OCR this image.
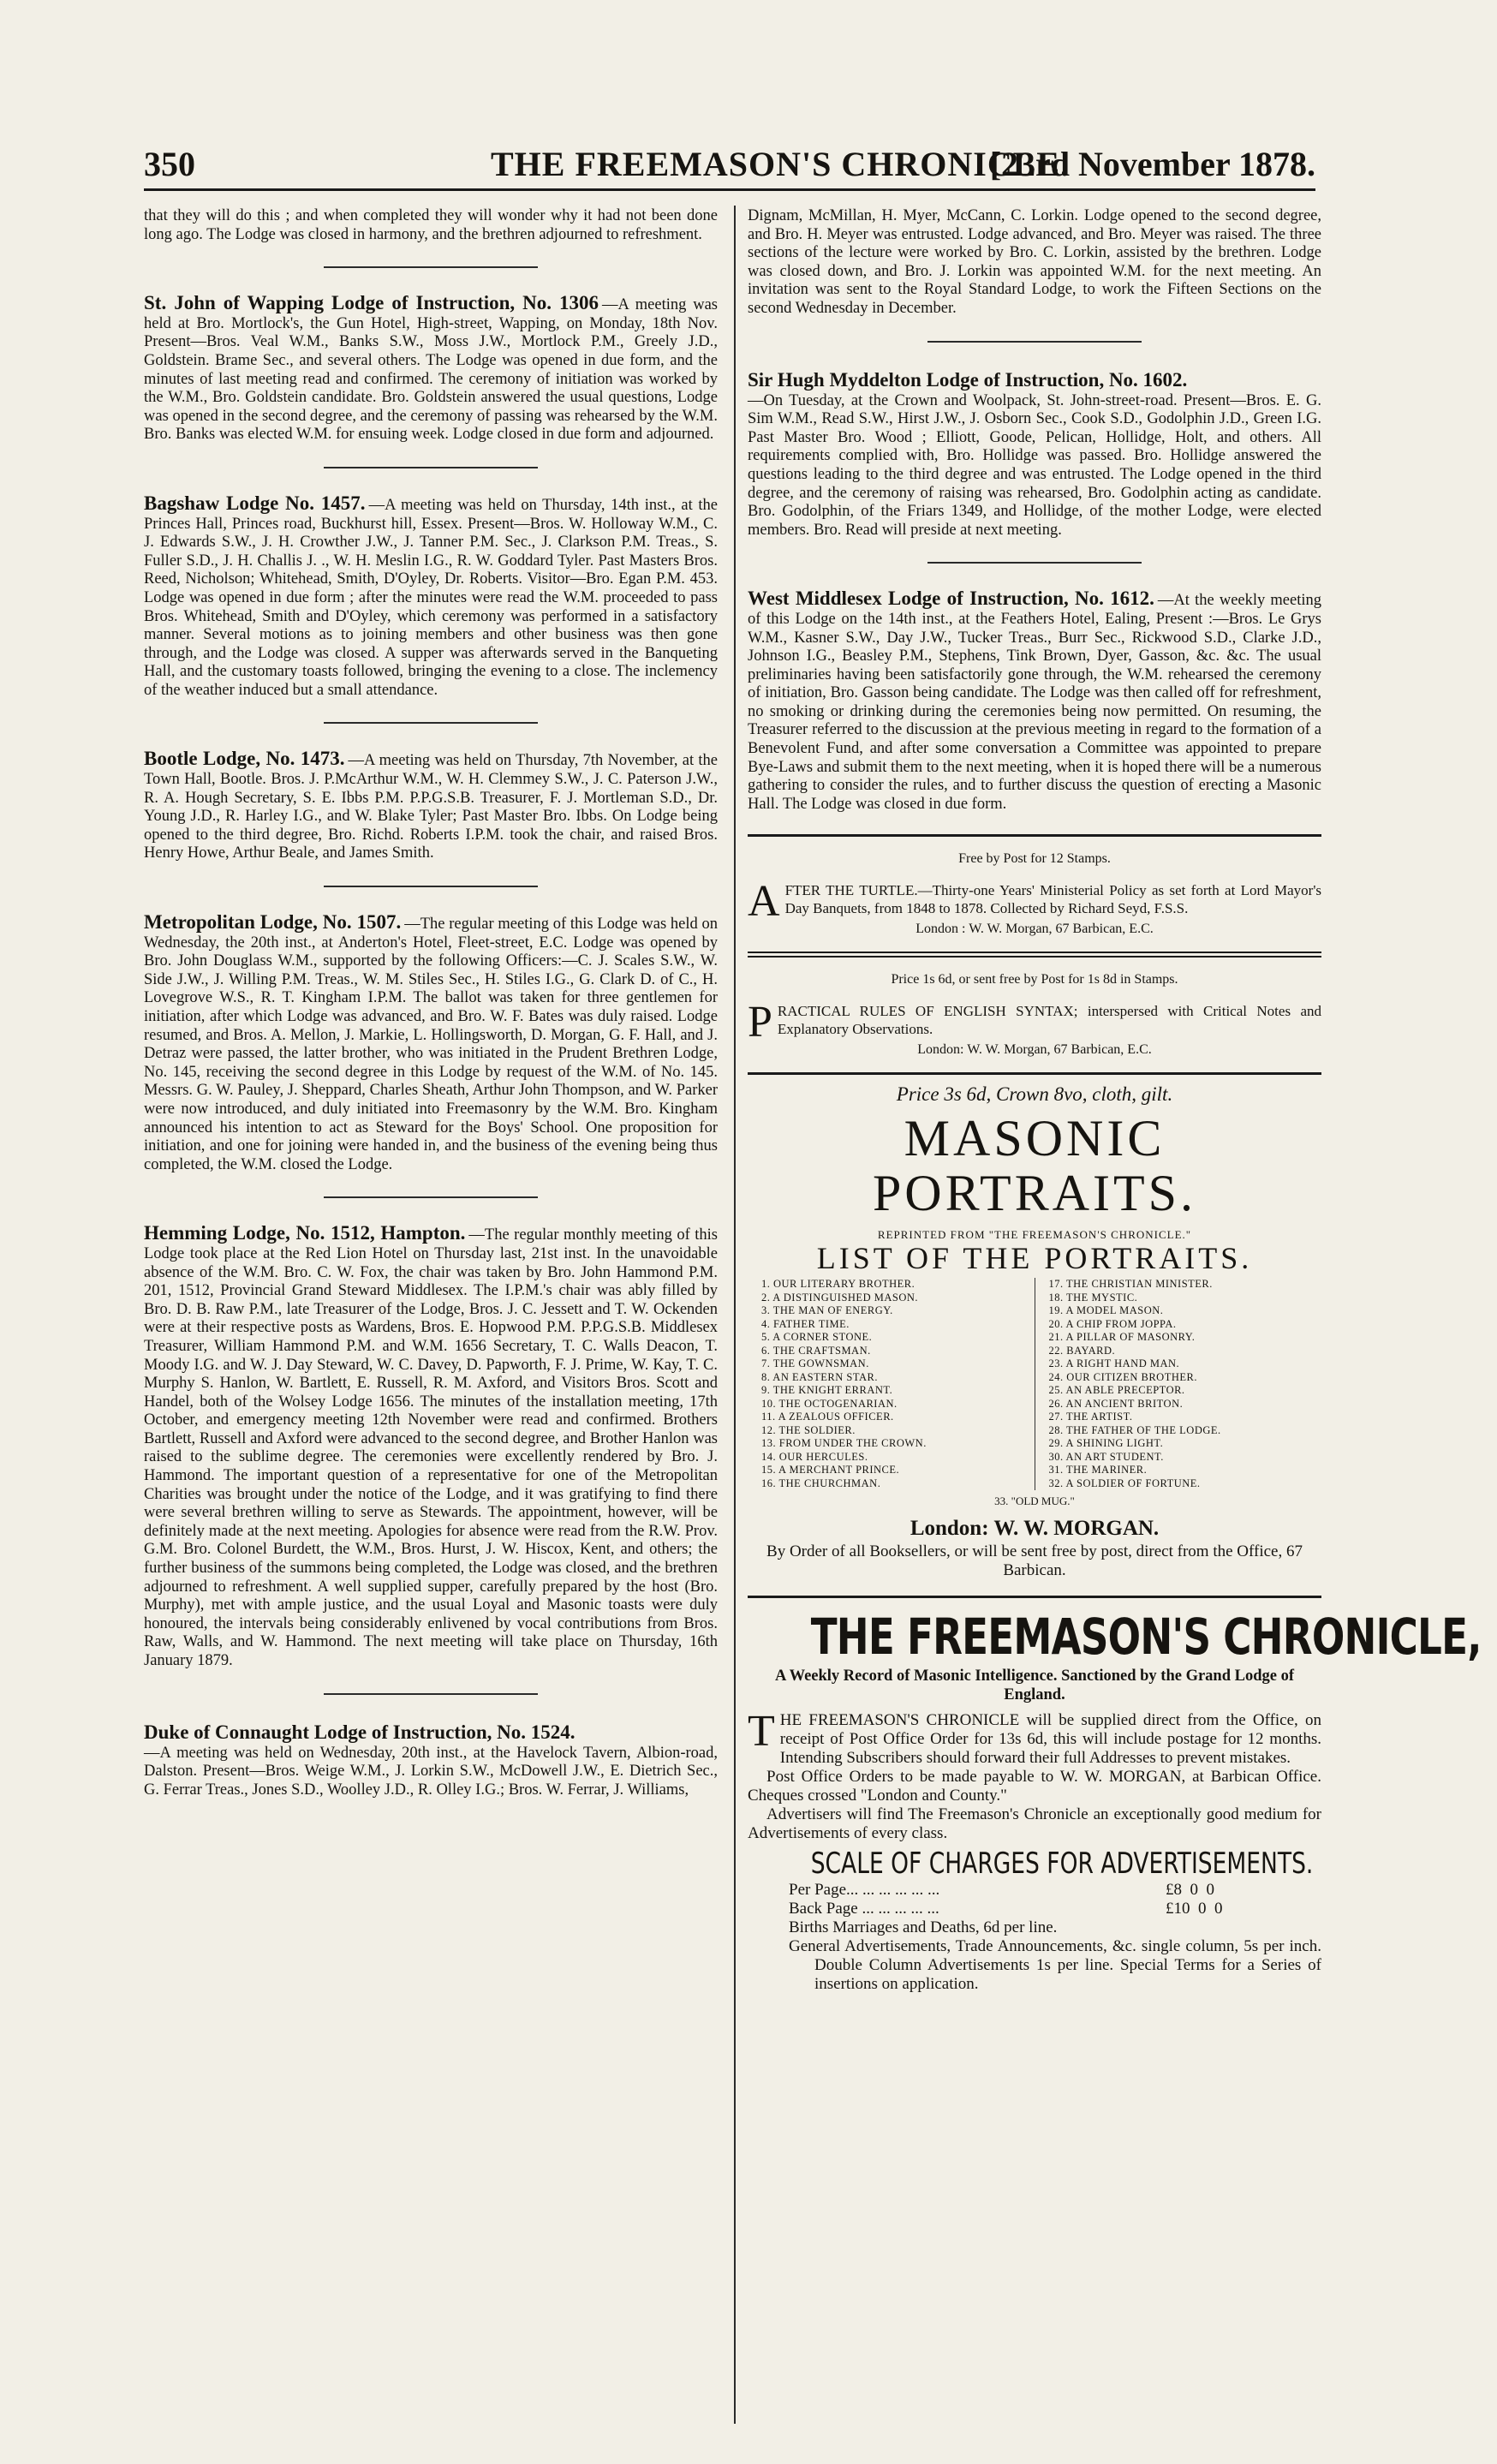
350	THE FREEMASON'S CHRONICLE.
[23rd November 1878.

that they will do this ; and when completed they will wonder why it had not been done long ago. The Lodge was closed in harmony, and the brethren adjourned to refreshment.

St. John of Wapping Lodge of Instruction, No. 1306 —A meeting was held at Bro. Mortlock's, the Gun Hotel, High-street, Wapping, on Monday, 18th Nov. Present—Bros. Veal W.M., Banks S.W., Moss J.W., Mortlock P.M., Greely J.D., Goldstein. Brame Sec., and several others. The Lodge was opened in due form, and the minutes of last meeting read and confirmed. The ceremony of initiation was worked by the W.M., Bro. Goldstein candidate. Bro. Goldstein answered the usual questions, Lodge was opened in the second degree, and the ceremony of passing was rehearsed by the W.M. Bro. Banks was elected W.M. for ensuing week. Lodge closed in due form and adjourned.

Bagshaw Lodge No. 1457. —A meeting was held on Thursday, 14th inst., at the Princes Hall, Princes road, Buckhurst hill, Essex. Present—Bros. W. Holloway W.M., C. J. Edwards S.W., J. H. Crowther J.W., J. Tanner P.M. Sec., J. Clarkson P.M. Treas., S. Fuller S.D., J. H. Challis J. ., W. H. Meslin I.G., R. W. Goddard Tyler. Past Masters Bros. Reed, Nicholson; Whitehead, Smith, D'Oyley, Dr. Roberts. Visitor—Bro. Egan P.M. 453. Lodge was opened in due form ; after the minutes were read the W.M. proceeded to pass Bros. Whitehead, Smith and D'Oyley, which ceremony was performed in a satisfactory manner. Several motions as to joining members and other business was then gone through, and the Lodge was closed. A supper was afterwards served in the Banqueting Hall, and the customary toasts followed, bringing the evening to a close. The inclemency of the weather induced but a small attendance.

Bootle Lodge, No. 1473. —A meeting was held on Thursday, 7th November, at the Town Hall, Bootle. Bros. J. P.McArthur W.M., W. H. Clemmey S.W., J. C. Paterson J.W., R. A. Hough Secretary, S. E. Ibbs P.M. P.P.G.S.B. Treasurer, F. J. Mortleman S.D., Dr. Young J.D., R. Harley I.G., and W. Blake Tyler; Past Master Bro. Ibbs. On Lodge being opened to the third degree, Bro. Richd. Roberts I.P.M. took the chair, and raised Bros. Henry Howe, Arthur Beale, and James Smith.

Metropolitan Lodge, No. 1507. —The regular meeting of this Lodge was held on Wednesday, the 20th inst., at Anderton's Hotel, Fleet-street, E.C. Lodge was opened by Bro. John Douglass W.M., supported by the following Officers:—C. J. Scales S.W., W. Side J.W., J. Willing P.M. Treas., W. M. Stiles Sec., H. Stiles I.G., G. Clark D. of C., H. Lovegrove W.S., R. T. Kingham I.P.M. The ballot was taken for three gentlemen for initiation, after which Lodge was advanced, and Bro. W. F. Bates was duly raised. Lodge resumed, and Bros. A. Mellon, J. Markie, L. Hollingsworth, D. Morgan, G. F. Hall, and J. Detraz were passed, the latter brother, who was initiated in the Prudent Brethren Lodge, No. 145, receiving the second degree in this Lodge by request of the W.M. of No. 145. Messrs. G. W. Pauley, J. Sheppard, Charles Sheath, Arthur John Thompson, and W. Parker were now introduced, and duly initiated into Freemasonry by the W.M. Bro. Kingham announced his intention to act as Steward for the Boys' School. One proposition for initiation, and one for joining were handed in, and the business of the evening being thus completed, the W.M. closed the Lodge.

Hemming Lodge, No. 1512, Hampton. —The regular monthly meeting of this Lodge took place at the Red Lion Hotel on Thursday last, 21st inst. In the unavoidable absence of the W.M. Bro. C. W. Fox, the chair was taken by Bro. John Hammond P.M. 201, 1512, Provincial Grand Steward Middlesex. The I.P.M.'s chair was ably filled by Bro. D. B. Raw P.M., late Treasurer of the Lodge, Bros. J. C. Jessett and T. W. Ockenden were at their respective posts as Wardens, Bros. E. Hopwood P.M. P.P.G.S.B. Middlesex Treasurer, William Hammond P.M. and W.M. 1656 Secretary, T. C. Walls Deacon, T. Moody I.G. and W. J. Day Steward, W. C. Davey, D. Papworth, F. J. Prime, W. Kay, T. C. Murphy S. Hanlon, W. Bartlett, E. Russell, R. M. Axford, and Visitors Bros. Scott and Handel, both of the Wolsey Lodge 1656. The minutes of the installation meeting, 17th October, and emergency meeting 12th November were read and confirmed. Brothers Bartlett, Russell and Axford were advanced to the second degree, and Brother Hanlon was raised to the sublime degree. The ceremonies were excellently rendered by Bro. J. Hammond. The important question of a representative for one of the Metropolitan Charities was brought under the notice of the Lodge, and it was gratifying to find there were several brethren willing to serve as Stewards. The appointment, however, will be definitely made at the next meeting. Apologies for absence were read from the R.W. Prov. G.M. Bro. Colonel Burdett, the W.M., Bros. Hurst, J. W. Hiscox, Kent, and others; the further business of the summons being completed, the Lodge was closed, and the brethren adjourned to refreshment. A well supplied supper, carefully prepared by the host (Bro. Murphy), met with ample justice, and the usual Loyal and Masonic toasts were duly honoured, the intervals being considerably enlivened by vocal contributions from Bros. Raw, Walls, and W. Hammond. The next meeting will take place on Thursday, 16th January 1879.

Duke of Connaught Lodge of Instruction, No. 1524.
—A meeting was held on Wednesday, 20th inst., at the Havelock Tavern, Albion-road, Dalston. Present—Bros. Weige W.M., J. Lorkin S.W., McDowell J.W., E. Dietrich Sec., G. Ferrar Treas., Jones S.D., Woolley J.D., R. Olley I.G.; Bros. W. Ferrar, J. Williams,

Dignam, McMillan, H. Myer, McCann, C. Lorkin. Lodge opened to the second degree, and Bro. H. Meyer was entrusted. Lodge advanced, and Bro. Meyer was raised. The three sections of the lecture were worked by Bro. C. Lorkin, assisted by the brethren. Lodge was closed down, and Bro. J. Lorkin was appointed W.M. for the next meeting. An invitation was sent to the Royal Standard Lodge, to work the Fifteen Sections on the second Wednesday in December.

Sir Hugh Myddelton Lodge of Instruction, No. 1602.
—On Tuesday, at the Crown and Woolpack, St. John-street-road. Present—Bros. E. G. Sim W.M., Read S.W., Hirst J.W., J. Osborn Sec., Cook S.D., Godolphin J.D., Green I.G. Past Master Bro. Wood ; Elliott, Goode, Pelican, Hollidge, Holt, and others. All requirements complied with, Bro. Hollidge was passed. Bro. Hollidge answered the questions leading to the third degree and was entrusted. The Lodge opened in the third degree, and the ceremony of raising was rehearsed, Bro. Godolphin acting as candidate. Bro. Godolphin, of the Friars 1349, and Hollidge, of the mother Lodge, were elected members. Bro. Read will preside at next meeting.

West Middlesex Lodge of Instruction, No. 1612. —At the weekly meeting of this Lodge on the 14th inst., at the Feathers Hotel, Ealing, Present :—Bros. Le Grys W.M., Kasner S.W., Day J.W., Tucker Treas., Burr Sec., Rickwood S.D., Clarke J.D., Johnson I.G., Beasley P.M., Stephens, Tink Brown, Dyer, Gasson, &c. &c. The usual preliminaries having been satisfactorily gone through, the W.M. rehearsed the ceremony of initiation, Bro. Gasson being candidate. The Lodge was then called off for refreshment, no smoking or drinking during the ceremonies being now permitted. On resuming, the Treasurer referred to the discussion at the previous meeting in regard to the formation of a Benevolent Fund, and after some conversation a Committee was appointed to prepare Bye-Laws and submit them to the next meeting, when it is hoped there will be a numerous gathering to consider the rules, and to further discuss the question of erecting a Masonic Hall. The Lodge was closed in due form.

Free by Post for 12 Stamps.

AFTER THE TURTLE.—Thirty-one Years' Ministerial Policy as set forth at Lord Mayor's Day Banquets, from 1848 to 1878. Collected by Richard Seyd, F.S.S.

London : W. W. Morgan, 67 Barbican, E.C.

Price 1s 6d, or sent free by Post for 1s 8d in Stamps.

PRACTICAL RULES OF ENGLISH SYNTAX; interspersed with Critical Notes and Explanatory Observations.

London: W. W. Morgan, 67 Barbican, E.C.

Price 3s 6d, Crown 8vo, cloth, gilt.

MASONIC PORTRAITS.

REPRINTED FROM "THE FREEMASON'S CHRONICLE."

LIST OF THE PORTRAITS.

1. OUR LITERARY BROTHER.
2. A DISTINGUISHED MASON.
3. THE MAN OF ENERGY.
4. FATHER TIME.
5. A CORNER STONE.
6. THE CRAFTSMAN.
7. THE GOWNSMAN.
8. AN EASTERN STAR.
9. THE KNIGHT ERRANT.
10. THE OCTOGENARIAN.
11. A ZEALOUS OFFICER.
12. THE SOLDIER.
13. FROM UNDER THE CROWN.
14. OUR HERCULES.
15. A MERCHANT PRINCE.
16. THE CHURCHMAN.
17. THE CHRISTIAN MINISTER.
18. THE MYSTIC.
19. A MODEL MASON.
20. A CHIP FROM JOPPA.
21. A PILLAR OF MASONRY.
22. BAYARD.
23. A RIGHT HAND MAN.
24. OUR CITIZEN BROTHER.
25. AN ABLE PRECEPTOR.
26. AN ANCIENT BRITON.
27. THE ARTIST.
28. THE FATHER OF THE LODGE.
29. A SHINING LIGHT.
30. AN ART STUDENT.
31. THE MARINER.
32. A SOLDIER OF FORTUNE.

33. "OLD MUG."

London: W. W. MORGAN.

By Order of all Booksellers, or will be sent free by post, direct from the Office, 67 Barbican.

THE FREEMASON'S CHRONICLE,

A Weekly Record of Masonic Intelligence. Sanctioned by the Grand Lodge of England.

THE FREEMASON'S CHRONICLE will be supplied direct from the Office, on receipt of Post Office Order for 13s 6d, this will include postage for 12 months. Intending Subscribers should forward their full Addresses to prevent mistakes.

Post Office Orders to be made payable to W. W. MORGAN, at Barbican Office. Cheques crossed "London and County."

Advertisers will find The Freemason's Chronicle an exceptionally good medium for Advertisements of every class.

SCALE OF CHARGES FOR ADVERTISEMENTS.

Per Page... ... ... ... ... ...	£8  0  0
Back Page ... ... ... ... ...	£10  0  0

Births Marriages and Deaths, 6d per line.

General Advertisements, Trade Announcements, &c. single column, 5s per inch. Double Column Advertisements 1s per line. Special Terms for a Series of insertions on application.
